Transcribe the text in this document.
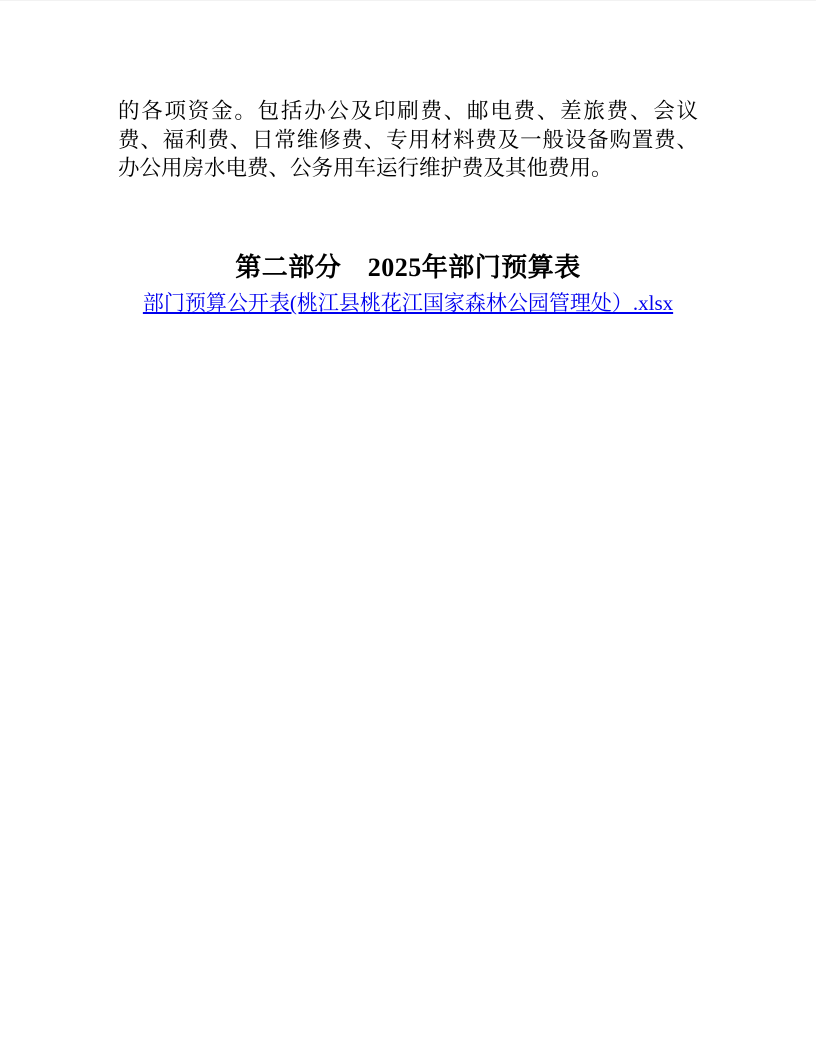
的各项资金。包括办公及印刷费、邮电费、差旅费、会议费、福利费、日常维修费、专用材料费及一般设备购置费、办公用房水电费、公务用车运行维护费及其他费用。

第二部分　2025年部门预算表

部门预算公开表(桃江县桃花江国家森林公园管理处）.xlsx
